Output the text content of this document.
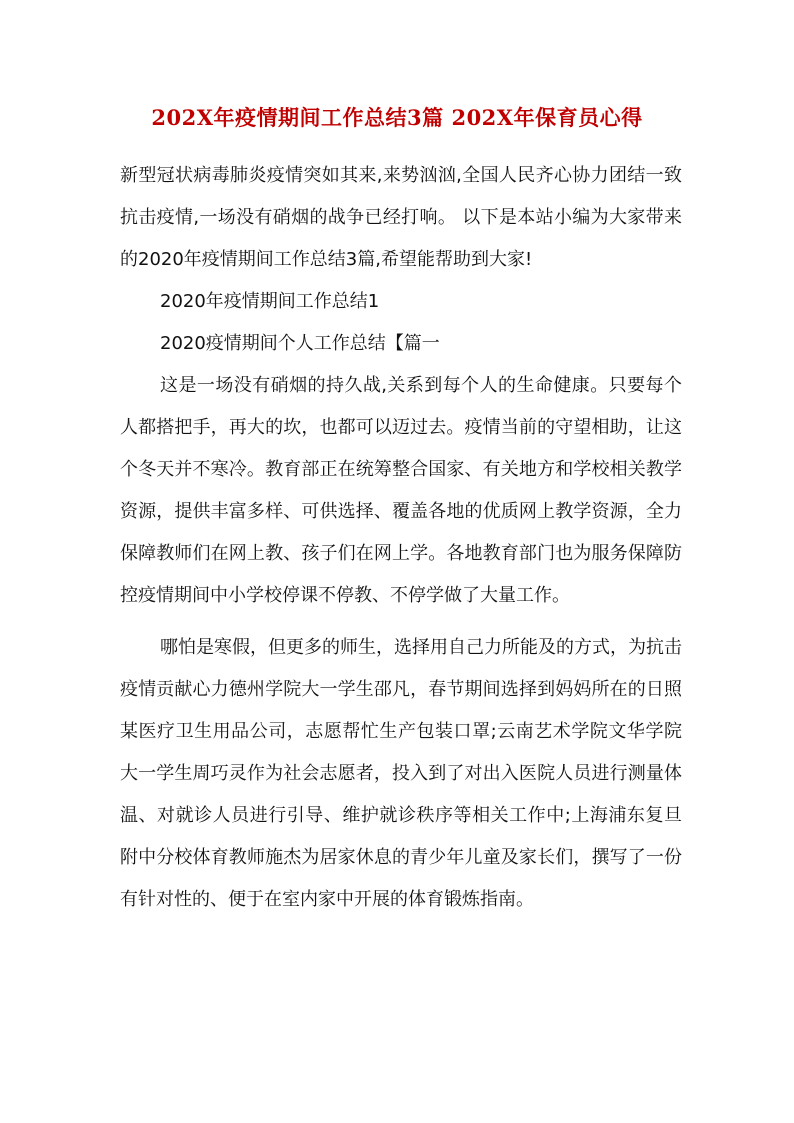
202X年疫情期间工作总结3篇 202X年保育员心得

新型冠状病毒肺炎疫情突如其来,来势汹汹,全国人民齐心协力团结一致抗击疫情,一场没有硝烟的战争已经打响。 以下是本站小编为大家带来的2020年疫情期间工作总结3篇,希望能帮助到大家!

2020年疫情期间工作总结1

2020疫情期间个人工作总结【篇一

这是一场没有硝烟的持久战,关系到每个人的生命健康。只要每个人都搭把手，再大的坎，也都可以迈过去。疫情当前的守望相助，让这个冬天并不寒冷。教育部正在统筹整合国家、有关地方和学校相关教学资源，提供丰富多样、可供选择、覆盖各地的优质网上教学资源，全力保障教师们在网上教、孩子们在网上学。各地教育部门也为服务保障防控疫情期间中小学校停课不停教、不停学做了大量工作。

哪怕是寒假，但更多的师生，选择用自己力所能及的方式，为抗击疫情贡献心力德州学院大一学生邵凡，春节期间选择到妈妈所在的日照某医疗卫生用品公司，志愿帮忙生产包装口罩;云南艺术学院文华学院大一学生周巧灵作为社会志愿者，投入到了对出入医院人员进行测量体温、对就诊人员进行引导、维护就诊秩序等相关工作中;上海浦东复旦附中分校体育教师施杰为居家休息的青少年儿童及家长们，撰写了一份有针对性的、便于在室内家中开展的体育锻炼指南。
